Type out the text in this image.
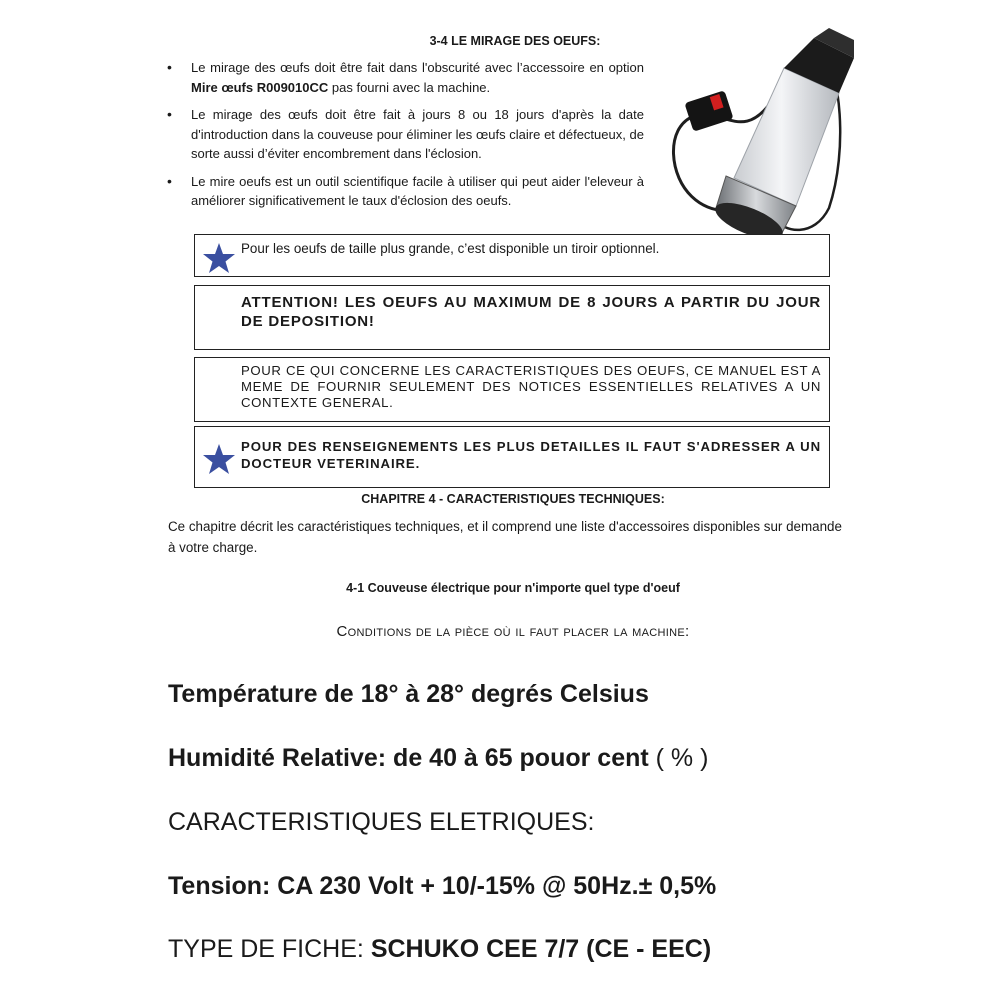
3-4 LE MIRAGE DES OEUFS:
• Le mirage des œufs doit être fait dans l'obscurité avec l’accessoire en option Mire œufs R009010CC pas fourni avec la machine.
• Le mirage des œufs doit être fait à jours 8 ou 18 jours d'après la date d'introduction dans la couveuse pour éliminer les œufs claire et défectueux, de sorte aussi d’éviter encombrement dans l'éclosion.
• Le mire oeufs est un outil scientifique facile à utiliser qui peut aider l'eleveur à améliorer significativement le taux d'éclosion des oeufs.
Pour les oeufs de taille plus grande, c’est disponible un tiroir optionnel.
ATTENTION! LES OEUFS AU MAXIMUM DE 8 JOURS A PARTIR DU JOUR DE DEPOSITION!
POUR CE QUI CONCERNE LES CARACTERISTIQUES DES OEUFS, CE MANUEL EST A MEME DE FOURNIR SEULEMENT DES NOTICES ESSENTIELLES RELATIVES A UN CONTEXTE GENERAL.
POUR DES RENSEIGNEMENTS LES PLUS DETAILLES IL FAUT S'ADRESSER A UN DOCTEUR VETERINAIRE.
CHAPITRE 4 - CARACTERISTIQUES TECHNIQUES:
Ce chapitre décrit les caractéristiques techniques, et il comprend une liste d'accessoires disponibles sur demande à votre charge.
4-1 Couveuse électrique pour n'importe quel type d'oeuf
Conditions de la pièce où il faut placer la machine:
Température de 18° à 28° degrés Celsius
Humidité Relative: de 40 à 65 pouor cent ( % )
CARACTERISTIQUES ELETRIQUES:
Tension: CA 230 Volt + 10/-15% @ 50Hz.± 0,5%
TYPE DE FICHE: SCHUKO CEE 7/7 (CE - EEC)
